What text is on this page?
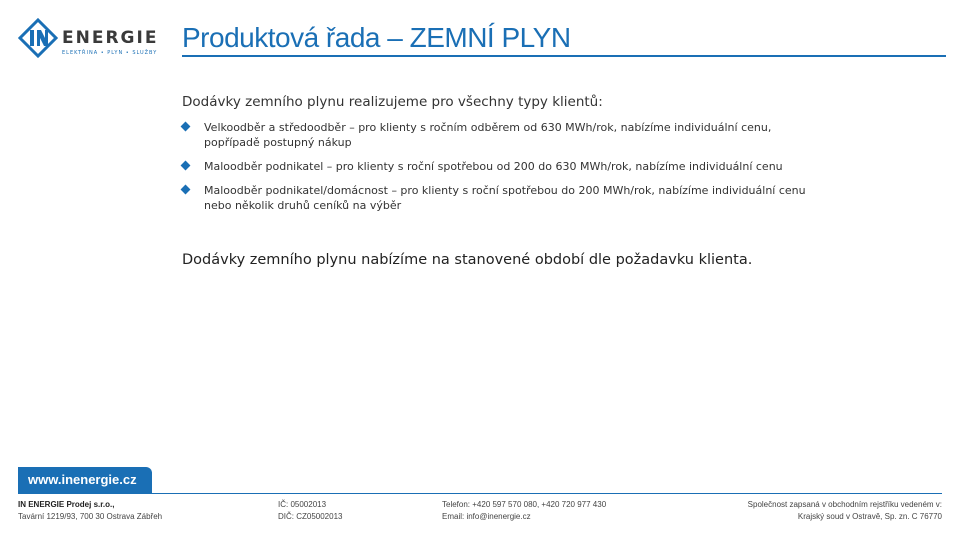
ENERGIE
ELEKTŘINA • PLYN • SLUŽBY Produktová řada – ZEMNÍ PLYN
Dodávky zemního plynu realizujeme pro všechny typy klientů:
Velkoodběr a středoodběr – pro klienty s ročním odběrem od 630 MWh/rok, nabízíme individuální cenu, popřípadě postupný nákup
Maloodběr podnikatel – pro klienty s roční spotřebou od 200 do 630 MWh/rok, nabízíme individuální cenu
Maloodběr podnikatel/domácnost – pro klienty s roční spotřebou do 200 MWh/rok, nabízíme individuální cenu nebo několik druhů ceníků na výběr
Dodávky zemního plynu nabízíme na stanovené období dle požadavku klienta.
www.inenergie.cz
IN ENERGIE Prodej s.r.o.,
Tavární 1219/93, 700 30 Ostrava Zábřeh
IČ: 05002013
DIČ: CZ05002013
Telefon: +420 597 570 080, +420 720 977 430
Email: info@inenergie.cz
Společnost zapsaná v obchodním rejstříku vedeném v:
Krajský soud v Ostravě, Sp. zn. C 76770
